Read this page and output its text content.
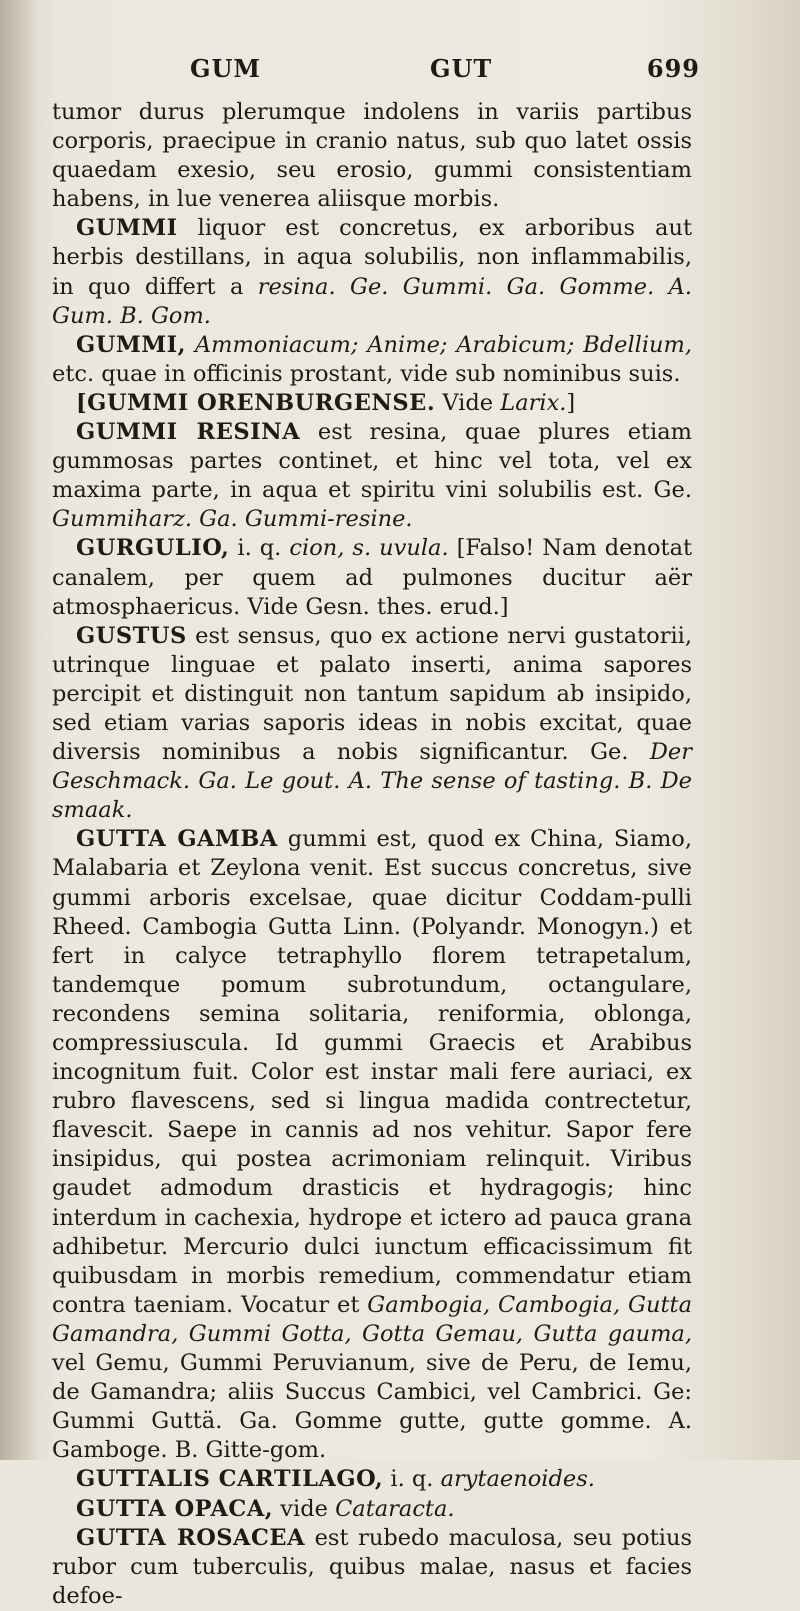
GUM	GUT	699

tumor durus plerumque indolens in variis partibus corporis, praecipue in cranio natus, sub quo latet ossis quaedam exesio, seu erosio, gummi consistentiam habens, in lue venerea aliisque morbis.

GUMMI liquor est concretus, ex arboribus aut herbis destillans, in aqua solubilis, non inflammabilis, in quo differt a resina. Ge. Gummi. Ga. Gomme. A. Gum. B. Gom.

GUMMI, Ammoniacum; Anime; Arabicum; Bdellium, etc. quae in officinis prostant, vide sub nominibus suis.

[GUMMI ORENBURGENSE. Vide Larix.]

GUMMI RESINA est resina, quae plures etiam gummosas partes continet, et hinc vel tota, vel ex maxima parte, in aqua et spiritu vini solubilis est. Ge. Gummiharz. Ga. Gummi-resine.

GURGULIO, i. q. cion, s. uvula. [Falso! Nam denotat canalem, per quem ad pulmones ducitur aër atmosphaericus. Vide Gesn. thes. erud.]

GUSTUS est sensus, quo ex actione nervi gustatorii, utrinque linguae et palato inserti, anima sapores percipit et distinguit non tantum sapidum ab insipido, sed etiam varias saporis ideas in nobis excitat, quae diversis nominibus a nobis significantur. Ge. Der Geschmack. Ga. Le gout. A. The sense of tasting. B. De smaak.

GUTTA GAMBA gummi est, quod ex China, Siamo, Malabaria et Zeylona venit. Est succus concretus, sive gummi arboris excelsae, quae dicitur Coddam-pulli Rheed. Cambogia Gutta Linn. (Polyandr. Monogyn.) et fert in calyce tetraphyllo florem tetrapetalum, tandemque pomum subrotundum, octangulare, recondens semina solitaria, reniformia, oblonga, compressiuscula. Id gummi Graecis et Arabibus incognitum fuit. Color est instar mali fere auriaci, ex rubro flavescens, sed si lingua madida contrectetur, flavescit. Saepe in cannis ad nos vehitur. Sapor fere insipidus, qui postea acrimoniam relinquit. Viribus gaudet admodum drasticis et hydragogis; hinc interdum in cachexia, hydrope et ictero ad pauca grana adhibetur. Mercurio dulci iunctum efficacissimum fit quibusdam in morbis remedium, commendatur etiam contra taeniam. Vocatur et Gambogia, Cambogia, Gutta Gamandra, Gummi Gotta, Gotta Gemau, Gutta gauma, vel Gemu, Gummi Peruvianum, sive de Peru, de Iemu, de Gamandra; aliis Succus Cambici, vel Cambrici. Ge: Gummi Guttä. Ga. Gomme gutte, gutte gomme. A. Gamboge. B. Gitte-gom.

GUTTALIS CARTILAGO, i. q. arytaenoides.

GUTTA OPACA, vide Cataracta.

GUTTA ROSACEA est rubedo maculosa, seu potius rubor cum tuberculis, quibus malae, nasus et facies defoe-
